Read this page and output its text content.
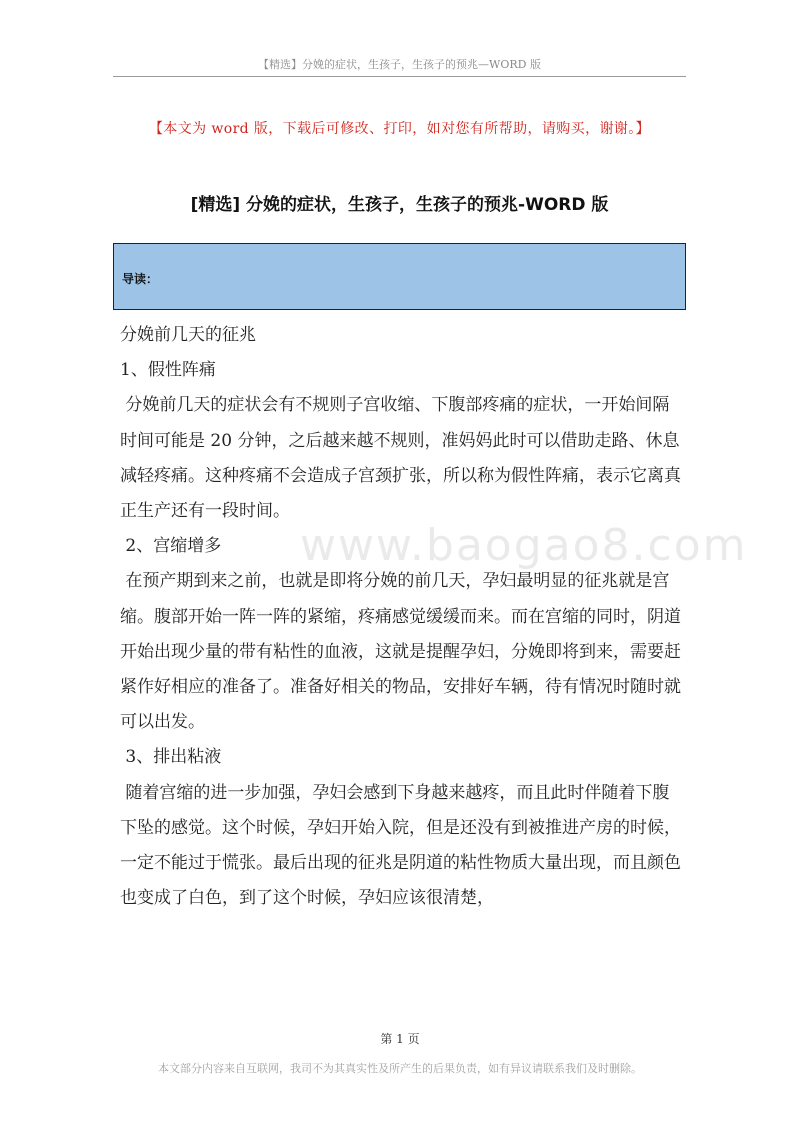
【精选】分娩的症状，生孩子，生孩子的预兆—WORD 版
【本文为 word 版，下载后可修改、打印，如对您有所帮助，请购买，谢谢。】
[精选] 分娩的症状，生孩子，生孩子的预兆-WORD 版
导读：
www.baogao8.com

分娩前几天的征兆

1、假性阵痛

分娩前几天的症状会有不规则子宫收缩、下腹部疼痛的症状，一开始间隔时间可能是 20 分钟，之后越来越不规则，准妈妈此时可以借助走路、休息减轻疼痛。这种疼痛不会造成子宫颈扩张，所以称为假性阵痛，表示它离真正生产还有一段时间。

2、宫缩增多

在预产期到来之前，也就是即将分娩的前几天，孕妇最明显的征兆就是宫缩。腹部开始一阵一阵的紧缩，疼痛感觉缓缓而来。而在宫缩的同时，阴道开始出现少量的带有粘性的血液，这就是提醒孕妇，分娩即将到来，需要赶紧作好相应的准备了。准备好相关的物品，安排好车辆，待有情况时随时就可以出发。

3、排出粘液

随着宫缩的进一步加强，孕妇会感到下身越来越疼，而且此时伴随着下腹下坠的感觉。这个时候，孕妇开始入院，但是还没有到被推进产房的时候，一定不能过于慌张。最后出现的征兆是阴道的粘性物质大量出现，而且颜色也变成了白色，到了这个时候，孕妇应该很清楚，

第 1 页
本文部分内容来自互联网，我司不为其真实性及所产生的后果负责，如有异议请联系我们及时删除。
